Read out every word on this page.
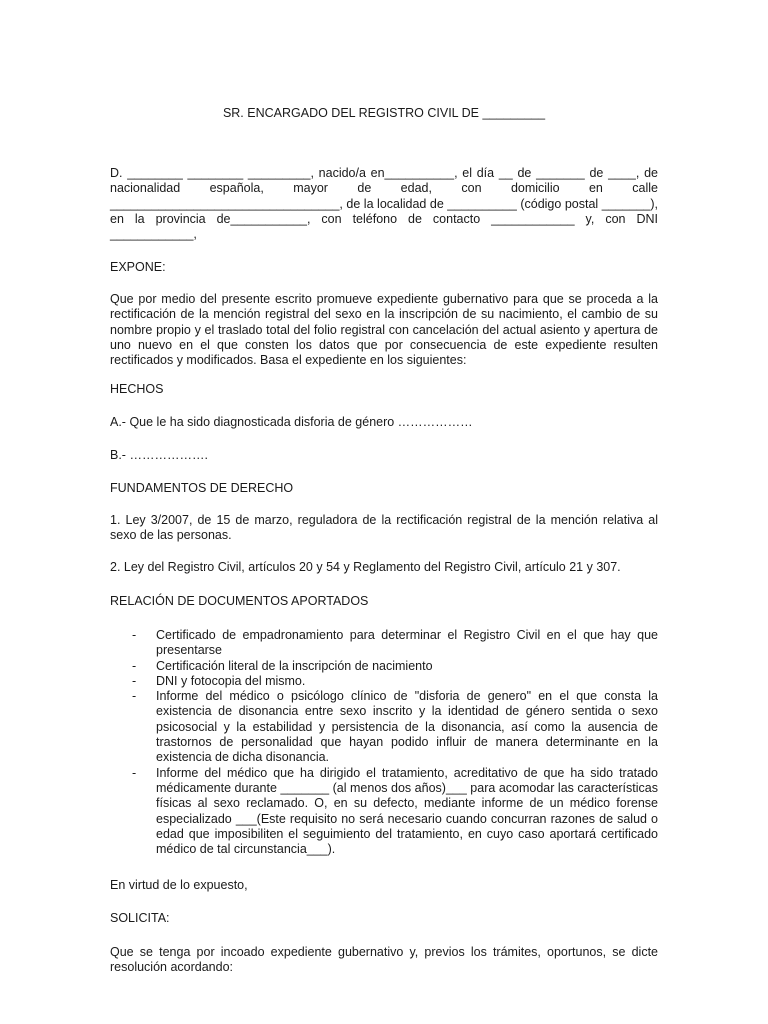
SR. ENCARGADO DEL REGISTRO CIVIL DE _________
D. ________ ________ _________, nacido/a en__________, el día __ de _______ de ____, de nacionalidad española, mayor de edad, con domicilio en calle _________________________________, de la localidad de __________ (código postal _______), en la provincia de___________, con teléfono de contacto ____________ y, con DNI ____________,
EXPONE:
Que por medio del presente escrito promueve expediente gubernativo para que se proceda a la rectificación de la mención registral del sexo en la inscripción de su nacimiento, el cambio de su nombre propio y el traslado total del folio registral con cancelación del actual asiento y apertura de uno nuevo en el que consten los datos que por consecuencia de este expediente resulten rectificados y modificados. Basa el expediente en los siguientes:
HECHOS
A.- Que le ha sido diagnosticada disforia de género ………………
B.- ……………….
FUNDAMENTOS DE DERECHO
1. Ley 3/2007, de 15 de marzo, reguladora de la rectificación registral de la mención relativa al sexo de las personas.
2. Ley del Registro Civil, artículos 20 y 54 y Reglamento del Registro Civil, artículo 21 y 307.
RELACIÓN DE DOCUMENTOS APORTADOS
- Certificado de empadronamiento para determinar el Registro Civil en el que hay que presentarse
- Certificación literal de la inscripción de nacimiento
- DNI y fotocopia del mismo.
- Informe del médico o psicólogo clínico de "disforia de genero" en el que consta la existencia de disonancia entre sexo inscrito y la identidad de género sentida o sexo psicosocial y la estabilidad y persistencia de la disonancia, así como la ausencia de trastornos de personalidad que hayan podido influir de manera determinante en la existencia de dicha disonancia.
- Informe del médico que ha dirigido el tratamiento, acreditativo de que ha sido tratado médicamente durante _______ (al menos dos años)___ para acomodar las características físicas al sexo reclamado. O, en su defecto, mediante informe de un médico forense especializado ___(Este requisito no será necesario cuando concurran razones de salud o edad que imposibiliten el seguimiento del tratamiento, en cuyo caso aportará certificado médico de tal circunstancia___).
En virtud de lo expuesto,
SOLICITA:
Que se tenga por incoado expediente gubernativo y, previos los trámites, oportunos, se dicte resolución acordando:
